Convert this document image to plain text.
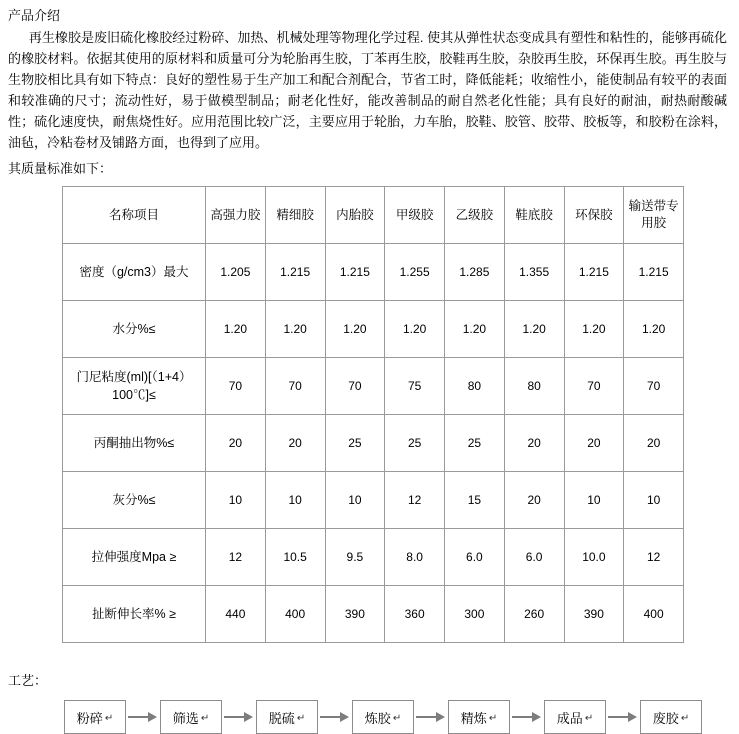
产品介绍

再生橡胶是废旧硫化橡胶经过粉碎、加热、机械处理等物理化学过程. 使其从弹性状态变成具有塑性和粘性的，能够再硫化的橡胶材料。依据其使用的原材料和质量可分为轮胎再生胶，丁苯再生胶，胶鞋再生胶，杂胶再生胶，环保再生胶。再生胶与生物胶相比具有如下特点：良好的塑性易于生产加工和配合剂配合，节省工时，降低能耗；收缩性小，能使制品有较平的表面和较准确的尺寸；流动性好，易于做模型制品；耐老化性好，能改善制品的耐自然老化性能；具有良好的耐油，耐热耐酸碱性；硫化速度快，耐焦烧性好。应用范围比较广泛，主要应用于轮胎，力车胎，胶鞋、胶管、胶带、胶板等，和胶粉在涂料，油毡，冷粘卷材及铺路方面，也得到了应用。

其质量标准如下：
名称项目	高强力胶	精细胶	内胎胶	甲级胶	乙级胶	鞋底胶	环保胶	输送带专用胶

密度（g/cm3）最大	1.205	1.215	1.215	1.255	1.285	1.355	1.215	1.215
水分%≤	1.20	1.20	1.20	1.20	1.20	1.20	1.20	1.20
门尼粘度(ml)[（1+4）100℃]≤	70	70	70	75	80	80	70	70
丙酮抽出物%≤	20	20	25	25	25	20	20	20
灰分%≤	10	10	10	12	15	20	10	10
拉伸强度Mpa ≥	12	10.5	9.5	8.0	6.0	6.0	10.0	12
扯断伸长率% ≥	440	400	390	360	300	260	390	400
工艺：
粉碎 ↵	筛选 ↵	脱硫 ↵	炼胶 ↵	精炼 ↵	成品 ↵	废胶 ↵
